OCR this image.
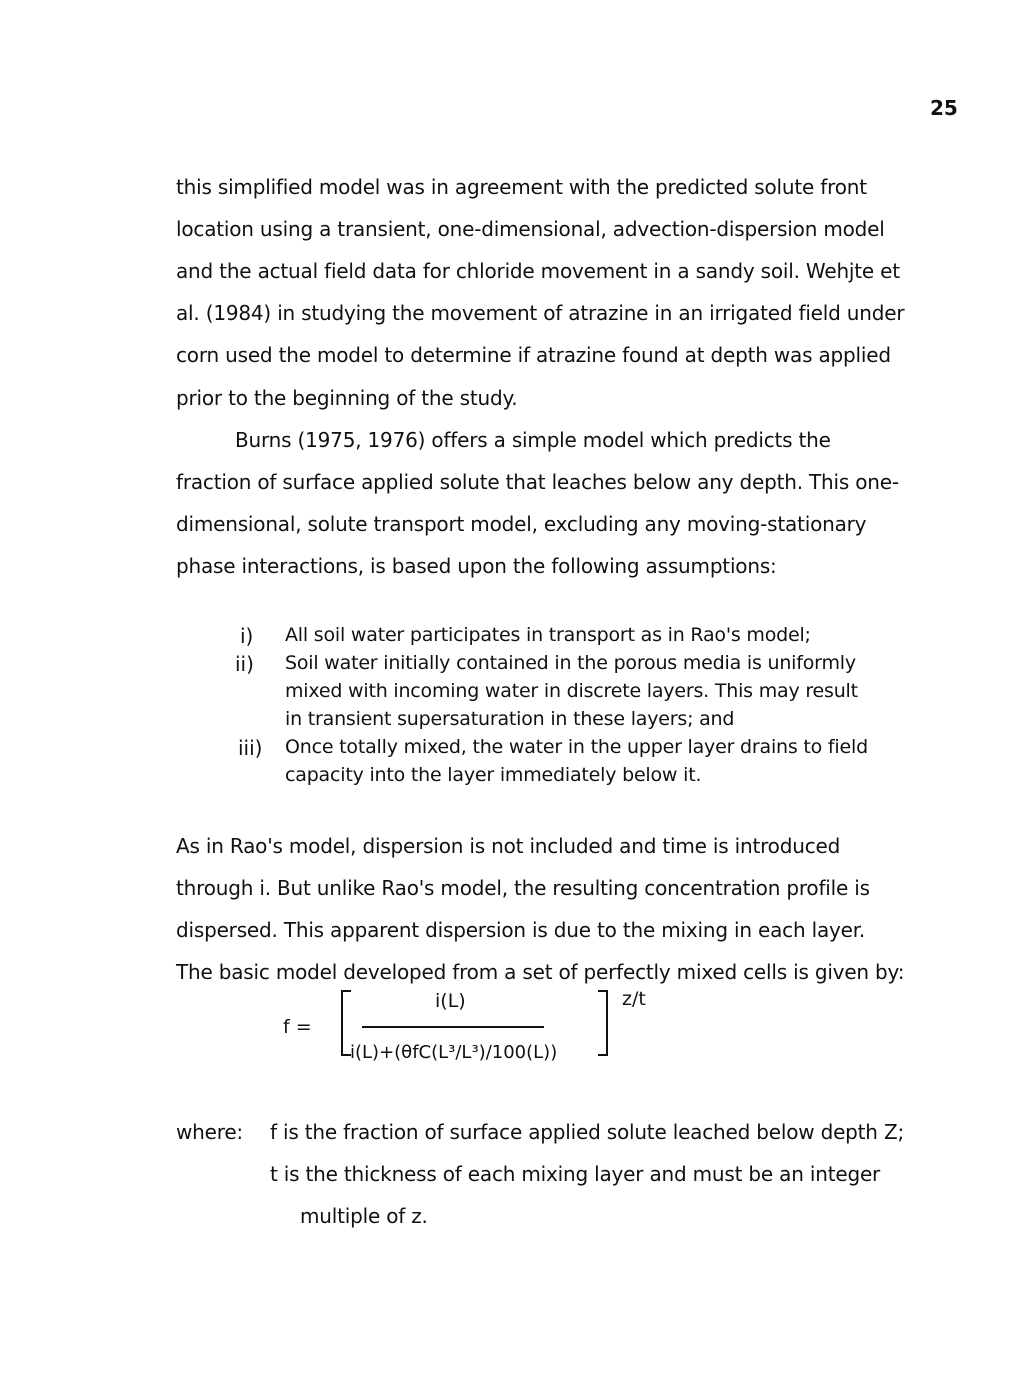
25
this simplified model was in agreement with the predicted solute front
location using a transient, one-dimensional, advection-dispersion model
and the actual field data for chloride movement in a sandy soil. Wehjte et
al. (1984) in studying the movement of atrazine in an irrigated field under
corn used the model to determine if atrazine found at depth was applied
prior to the beginning of the study.
Burns (1975, 1976) offers a simple model which predicts the
fraction of surface applied solute that leaches below any depth. This one-
dimensional, solute transport model, excluding any moving-stationary
phase interactions, is based upon the following assumptions:
i) All soil water participates in transport as in Rao's model;
ii) Soil water initially contained in the porous media is uniformly
mixed with incoming water in discrete layers. This may result
in transient supersaturation in these layers; and
iii) Once totally mixed, the water in the upper layer drains to field
capacity into the layer immediately below it.
As in Rao's model, dispersion is not included and time is introduced
through i. But unlike Rao's model, the resulting concentration profile is
dispersed. This apparent dispersion is due to the mixing in each layer.
The basic model developed from a set of perfectly mixed cells is given by:
f =
i(L)
i(L)+(θfC(L³/L³)/100(L))
z/t
where: f is the fraction of surface applied solute leached below depth Z;
t is the thickness of each mixing layer and must be an integer
multiple of z.
